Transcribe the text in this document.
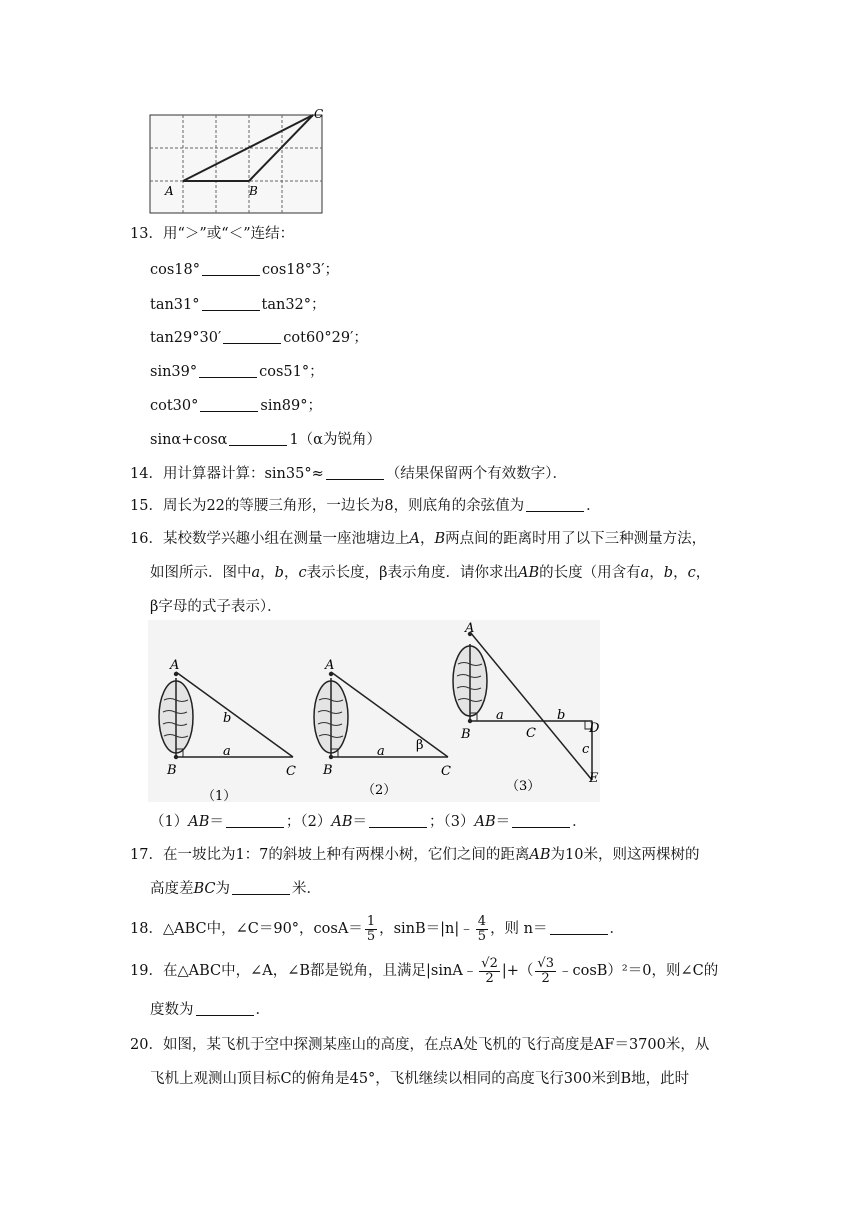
A	B
C
13．用“＞”或“＜”连结：
cos18°	cos18°3′；
tan31°	tan32°；
tan29°30′	cot60°29′；
sin39°	cos51°；
cot30°	sin89°；
sinα+cosα	1（α为锐角）
14．用计算器计算：sin35°≈	（结果保留两个有效数字）．
15．周长为22的等腰三角形，一边长为8，则底角的余弦值为	．
16．某校数学兴趣小组在测量一座池塘边上A，B两点间的距离时用了以下三种测量方法，
如图所示．图中a，b，c表示长度，β表示角度．请你求出AB的长度（用含有a，b，c，
β字母的式子表示）．
A
B	C
a
b
（1）
A
B	C
a β
（2）
A
B	C	D
E
a	b
c
（3）
（1）AB＝	；（2）AB＝	；（3）AB＝	．
17．在一坡比为1：7的斜坡上种有两棵小树，它们之间的距离AB为10米，则这两棵树的
高度差BC为	米．
18．△ABC中，∠C＝90°，$\cos A= \frac{1}{5}$ ，sinB＝|n|﹣ $\frac{4}{5}$ ，则 n＝	．
19．在△ABC中，∠A，∠B都是锐角，且满足|sinA﹣ $\frac{√2}{2}$ |+（ $\frac{√3}{2}$ ﹣cosB）²＝0，则∠C的
度数为	．
20．如图，某飞机于空中探测某座山的高度，在点A处飞机的飞行高度是AF＝3700米，从
飞机上观测山顶目标C的俯角是45°，飞机继续以相同的高度飞行300米到B地，此时
